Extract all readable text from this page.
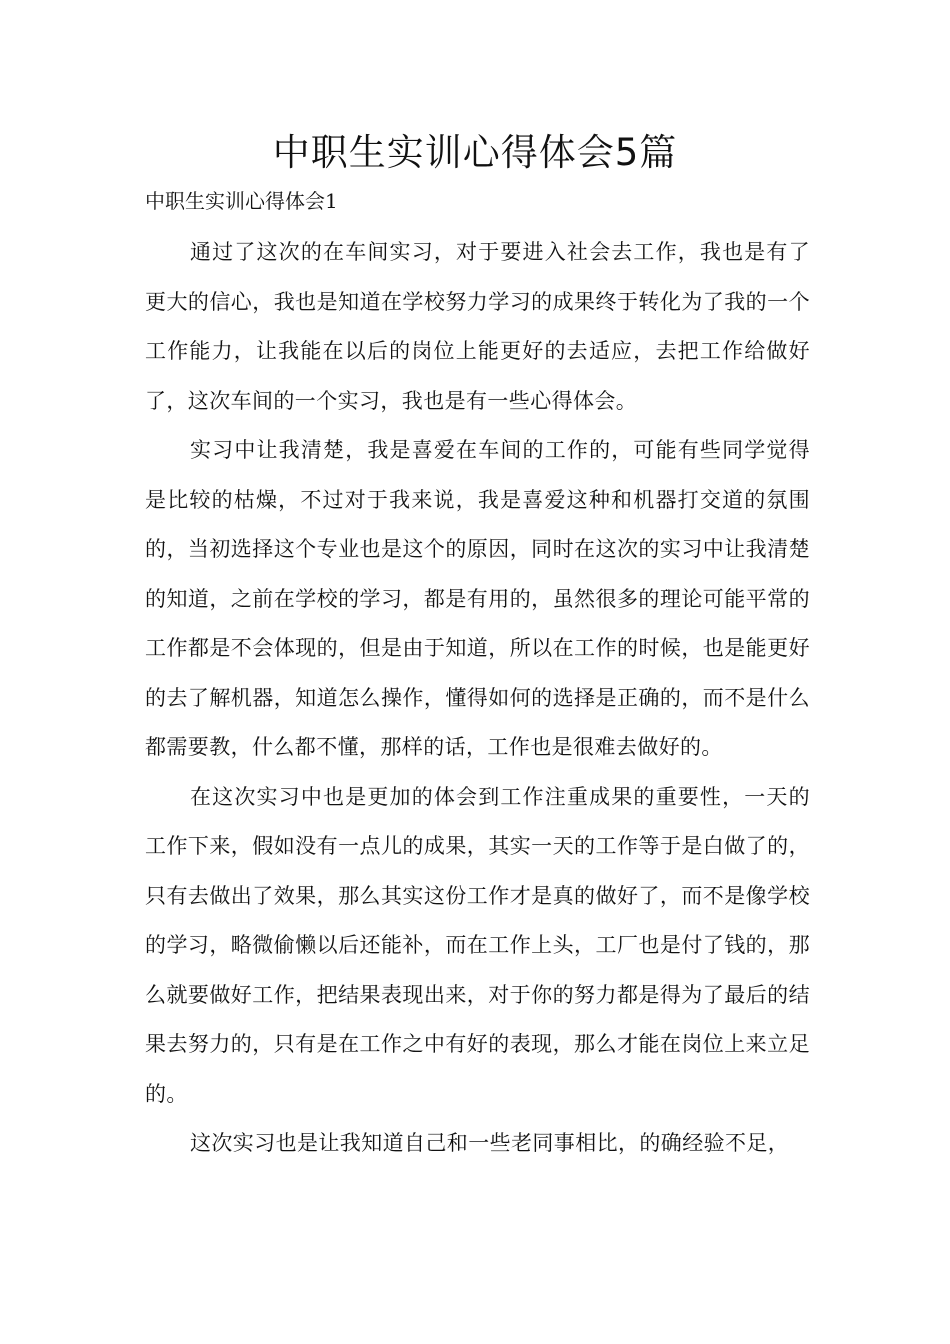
中职生实训心得体会5篇
中职生实训心得体会1

通过了这次的在车间实习，对于要进入社会去工作，我也是有了更大的信心，我也是知道在学校努力学习的成果终于转化为了我的一个工作能力，让我能在以后的岗位上能更好的去适应，去把工作给做好了，这次车间的一个实习，我也是有一些心得体会。

实习中让我清楚，我是喜爱在车间的工作的，可能有些同学觉得是比较的枯燥，不过对于我来说，我是喜爱这种和机器打交道的氛围的，当初选择这个专业也是这个的原因，同时在这次的实习中让我清楚的知道，之前在学校的学习，都是有用的，虽然很多的理论可能平常的工作都是不会体现的，但是由于知道，所以在工作的时候，也是能更好的去了解机器，知道怎么操作，懂得如何的选择是正确的，而不是什么都需要教，什么都不懂，那样的话，工作也是很难去做好的。

在这次实习中也是更加的体会到工作注重成果的重要性，一天的工作下来，假如没有一点儿的成果，其实一天的工作等于是白做了的，只有去做出了效果，那么其实这份工作才是真的做好了，而不是像学校的学习，略微偷懒以后还能补，而在工作上头，工厂也是付了钱的，那么就要做好工作，把结果表现出来，对于你的努力都是得为了最后的结果去努力的，只有是在工作之中有好的表现，那么才能在岗位上来立足的。

这次实习也是让我知道自己和一些老同事相比，的确经验不足，
